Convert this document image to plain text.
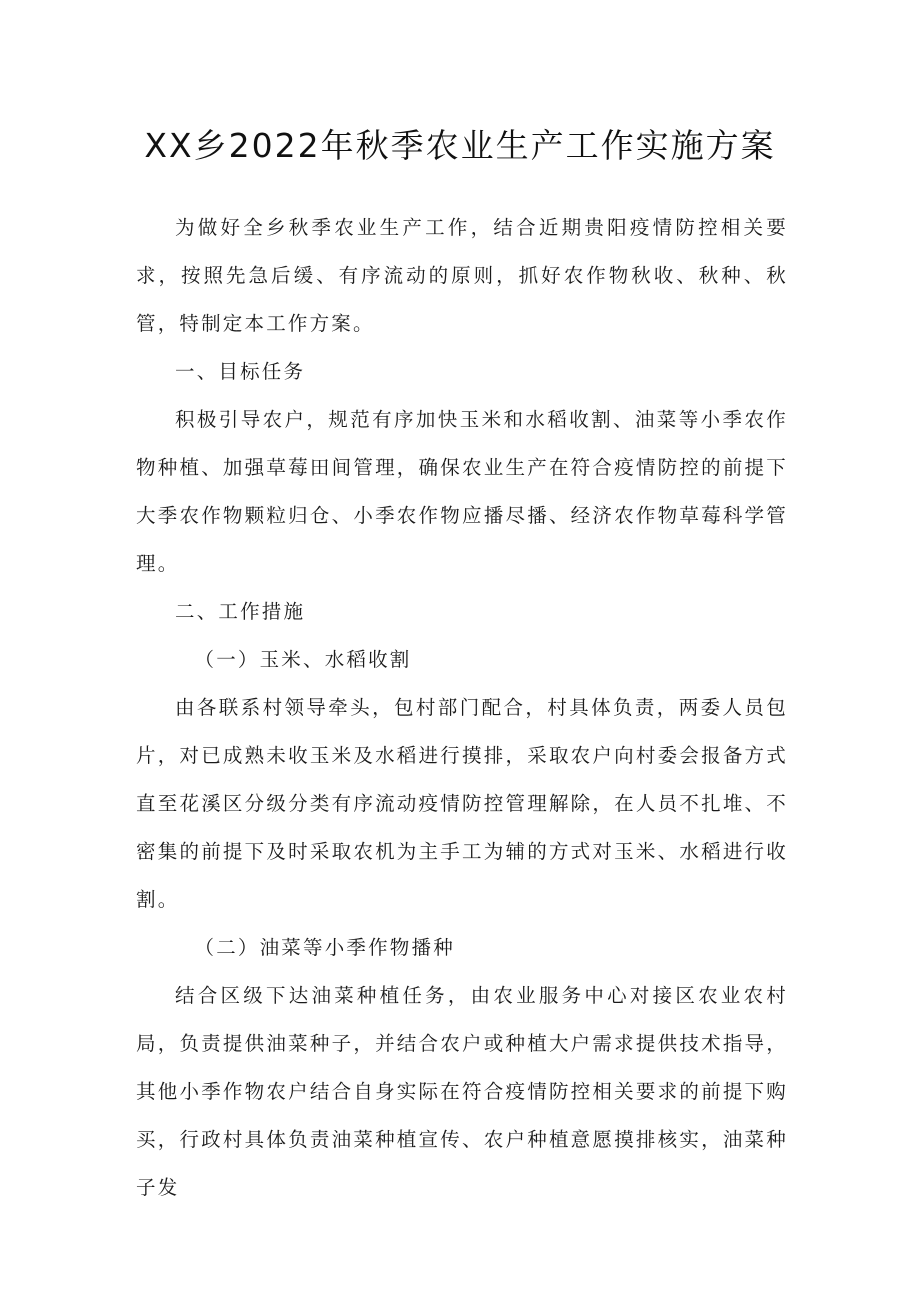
XX乡2022年秋季农业生产工作实施方案

为做好全乡秋季农业生产工作，结合近期贵阳疫情防控相关要求，按照先急后缓、有序流动的原则，抓好农作物秋收、秋种、秋管，特制定本工作方案。

一、目标任务

积极引导农户，规范有序加快玉米和水稻收割、油菜等小季农作物种植、加强草莓田间管理，确保农业生产在符合疫情防控的前提下大季农作物颗粒归仓、小季农作物应播尽播、经济农作物草莓科学管理。

二、工作措施

（一）玉米、水稻收割

由各联系村领导牵头，包村部门配合，村具体负责，两委人员包片，对已成熟未收玉米及水稻进行摸排，采取农户向村委会报备方式直至花溪区分级分类有序流动疫情防控管理解除，在人员不扎堆、不密集的前提下及时采取农机为主手工为辅的方式对玉米、水稻进行收割。

（二）油菜等小季作物播种

结合区级下达油菜种植任务，由农业服务中心对接区农业农村局，负责提供油菜种子，并结合农户或种植大户需求提供技术指导，其他小季作物农户结合自身实际在符合疫情防控相关要求的前提下购买，行政村具体负责油菜种植宣传、农户种植意愿摸排核实，油菜种子发
